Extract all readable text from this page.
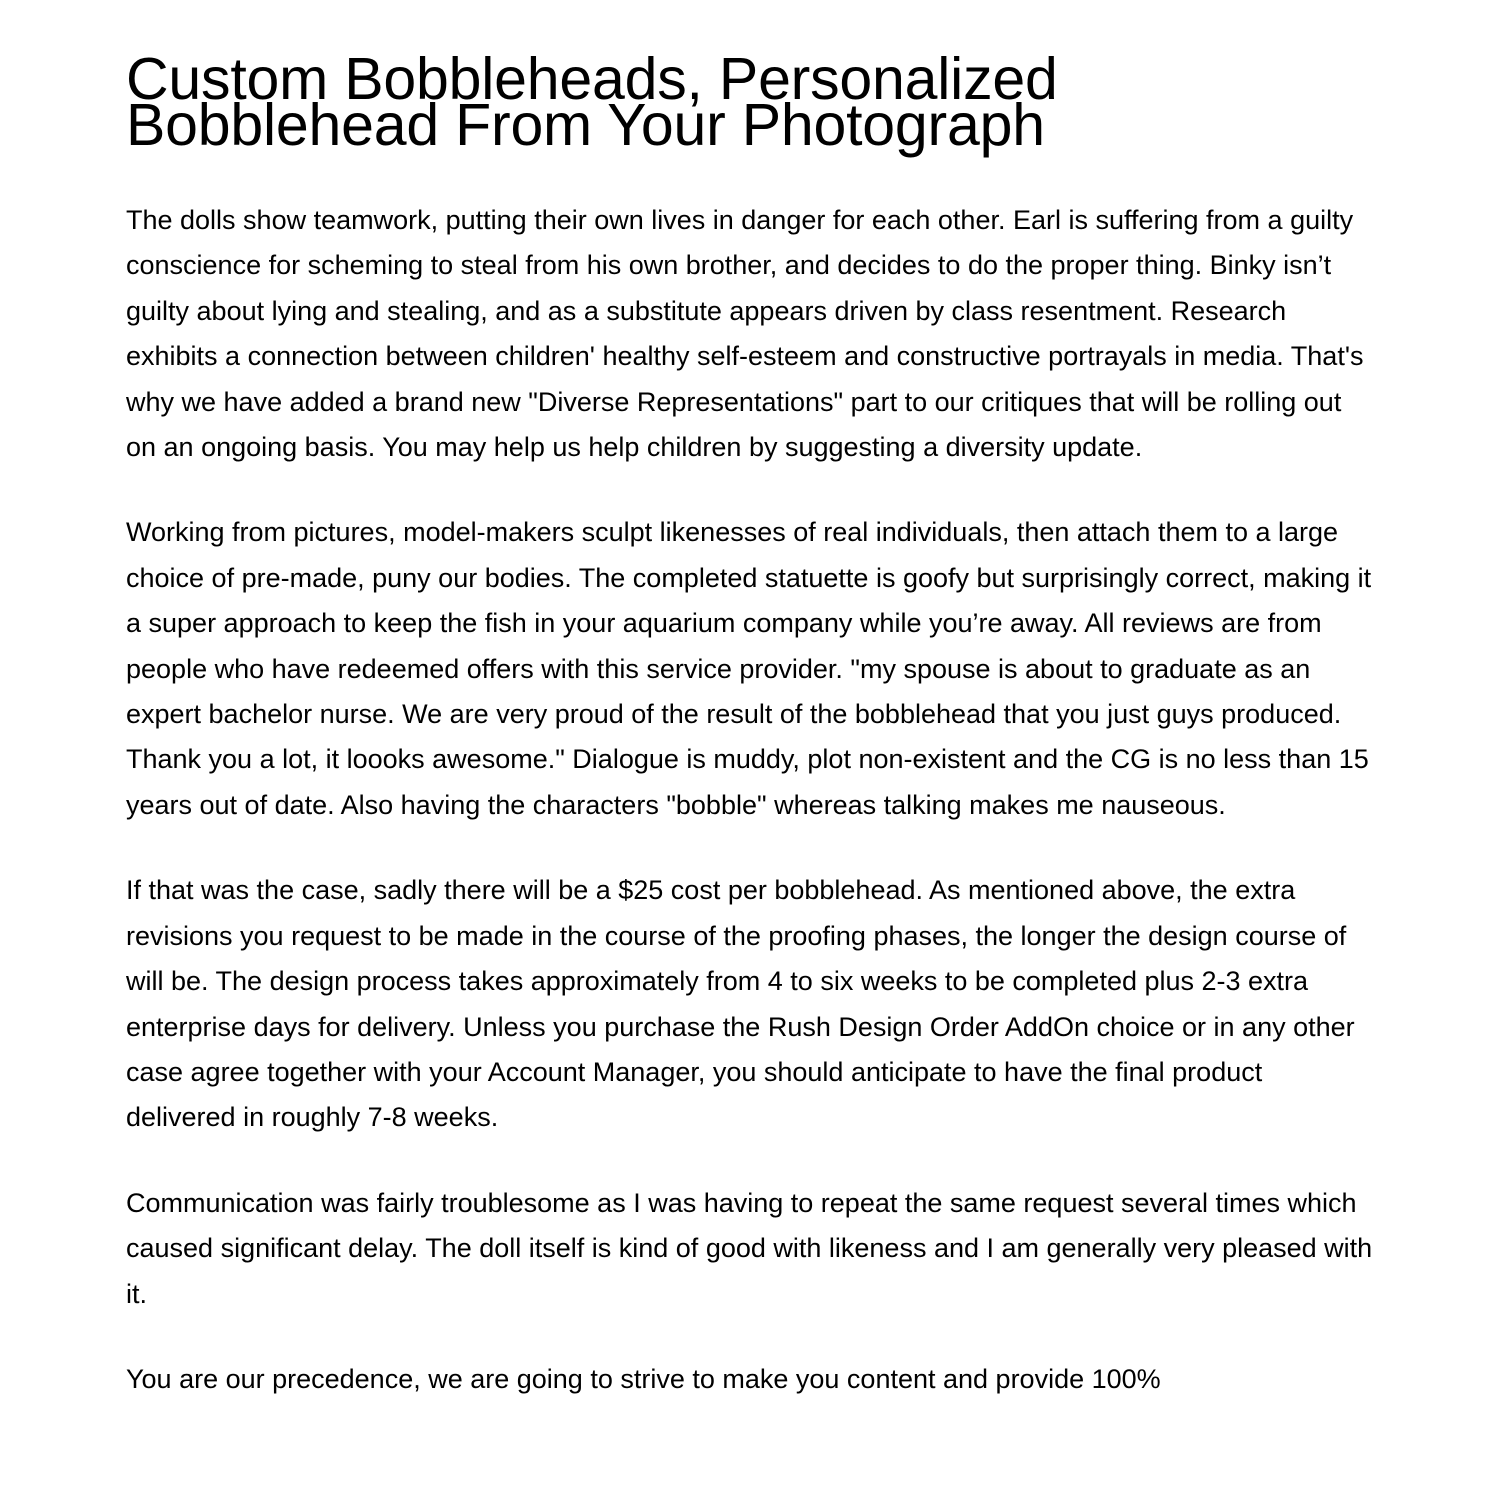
Custom Bobbleheads, Personalized Bobblehead From Your Photograph

The dolls show teamwork, putting their own lives in danger for each other. Earl is suffering from a guilty conscience for scheming to steal from his own brother, and decides to do the proper thing. Binky isn’t guilty about lying and stealing, and as a substitute appears driven by class resentment. Research exhibits a connection between children' healthy self-esteem and constructive portrayals in media. That's why we have added a brand new "Diverse Representations" part to our critiques that will be rolling out on an ongoing basis. You may help us help children by suggesting a diversity update.

Working from pictures, model-makers sculpt likenesses of real individuals, then attach them to a large choice of pre-made, puny our bodies. The completed statuette is goofy but surprisingly correct, making it a super approach to keep the fish in your aquarium company while you’re away. All reviews are from people who have redeemed offers with this service provider. "my spouse is about to graduate as an expert bachelor nurse. We are very proud of the result of the bobblehead that you just guys produced. Thank you a lot, it loooks awesome." Dialogue is muddy, plot non-existent and the CG is no less than 15 years out of date. Also having the characters "bobble" whereas talking makes me nauseous.

If that was the case, sadly there will be a $25 cost per bobblehead. As mentioned above, the extra revisions you request to be made in the course of the proofing phases, the longer the design course of will be. The design process takes approximately from 4 to six weeks to be completed plus 2-3 extra enterprise days for delivery. Unless you purchase the Rush Design Order AddOn choice or in any other case agree together with your Account Manager, you should anticipate to have the final product delivered in roughly 7-8 weeks.

Communication was fairly troublesome as I was having to repeat the same request several times which caused significant delay. The doll itself is kind of good with likeness and I am generally very pleased with it.

You are our precedence, we are going to strive to make you content and provide 100%
